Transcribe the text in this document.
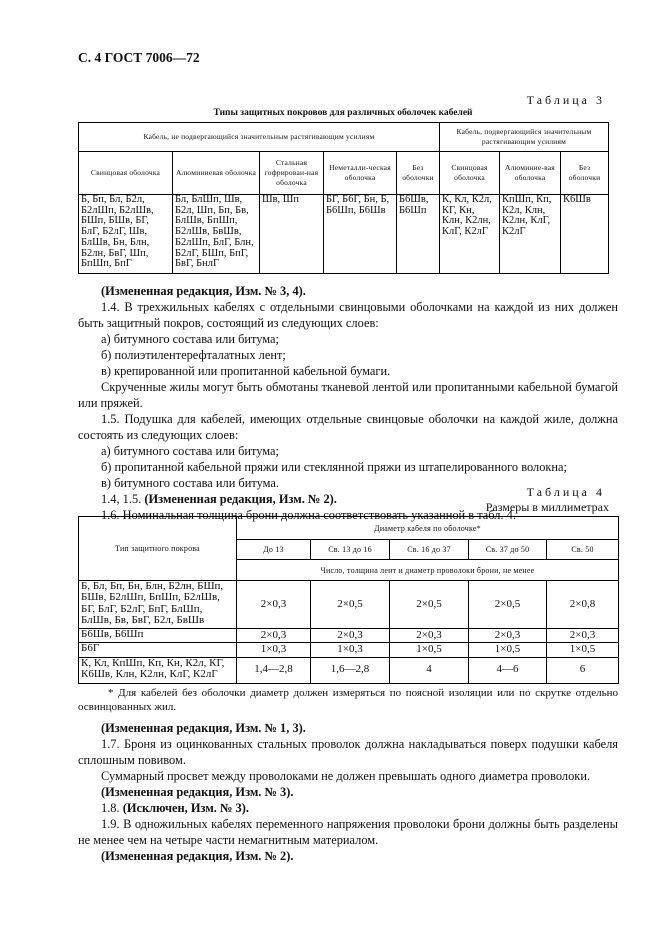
С. 4 ГОСТ 7006—72
Таблица 3
Типы защитных покровов для различных оболочек кабелей
Кабель, не подвергающийся значительным растягивающим усилиям					Кабель, подвергающийся значительным растягивающим усилиям		
Свинцовая оболочка	Алюминиевая оболочка	Стальная гофрирован-ная оболочка	Неметалли-ческая оболочка	Без оболочки	Свинцовая оболочка	Алюминие-вая оболочка	Без оболочки
Б, Бп, Бл, Б2л, Б2лШп, Б2лШв, БШп, БШв, БГ, БлГ, Б2лГ, Шв, БлШв, Бн, Блн, Б2лн, БвГ, Шп, БпШп, БпГ	Бл, БлШп, Шв, Б2л, Шп, Бп, Бв, БлШв, БпШп, Б2лШв, БвШв, Б2лШп, БлГ, Блн, Б2лГ, БШп, БпГ, БвГ, БнлГ	Шв, Шп	БГ, Б6Г, Бн, Б, Б6Шп, Б6Шв	Б6Шв, Б6Шп	К, Кл, К2л, КГ, Кн, Клн, К2лн, КлГ, К2лГ	КпШп, Кп, К2л, Клн, К2лн, КлГ, К2лГ	К6Шв

(Измененная редакция, Изм. № 3, 4).

1.4. В трехжильных кабелях с отдельными свинцовыми оболочками на каждой из них должен быть защитный покров, состоящий из следующих слоев:

а) битумного состава или битума;

б) полиэтилентерефталатных лент;

в) крепированной или пропитанной кабельной бумаги.

Скрученные жилы могут быть обмотаны тканевой лентой или пропитанными кабельной бумагой или пряжей.

1.5. Подушка для кабелей, имеющих отдельные свинцовые оболочки на каждой жиле, должна состоять из следующих слоев:

а) битумного состава или битума;

б) пропитанной кабельной пряжи или стеклянной пряжи из штапелированного волокна;

в) битумного состава или битума.

1.4, 1.5. (Измененная редакция, Изм. № 2).

1.6. Номинальная толщина брони должна соответствовать указанной в табл. 4.

Таблица 4
Размеры в миллиметрах
Тип защитного покрова	Диаметр кабеля по оболочке*				
	До 13	Св. 13 до 16	Св. 16 до 37	Св. 37 до 50	Св. 50
	Число, толщина лент и диаметр проволоки брони, не менее				
Б, Бл, Бп, Бн, Блн, Б2лн, БШп, БШв, Б2лШп, БпШп, Б2лШв, БГ, БлГ, Б2лГ, БпГ, БлШп, БлШв, Бв, БвГ, Б2л, БвШв	2×0,3	2×0,5	2×0,5	2×0,5	2×0,8
Б6Шв, Б6Шп	2×0,3	2×0,3	2×0,3	2×0,3	2×0,3
Б6Г	1×0,3	1×0,3	1×0,5	1×0,5	1×0,5
К, Кл, КпШп, Кп, Кн, К2л, КГ, К6Шв, Клн, К2лн, КлГ, К2лГ	1,4—2,8	1,6—2,8	4	4—6	6
* Для кабелей без оболочки диаметр должен измеряться по поясной изоляции или по скрутке отдельно освинцованных жил.

(Измененная редакция, Изм. № 1, 3).

1.7. Броня из оцинкованных стальных проволок должна накладываться поверх подушки кабеля сплошным повивом.

Суммарный просвет между проволоками не должен превышать одного диаметра проволоки.

(Измененная редакция, Изм. № 3).

1.8. (Исключен, Изм. № 3).

1.9. В одножильных кабелях переменного напряжения проволоки брони должны быть разделены не менее чем на четыре части немагнитным материалом.

(Измененная редакция, Изм. № 2).
